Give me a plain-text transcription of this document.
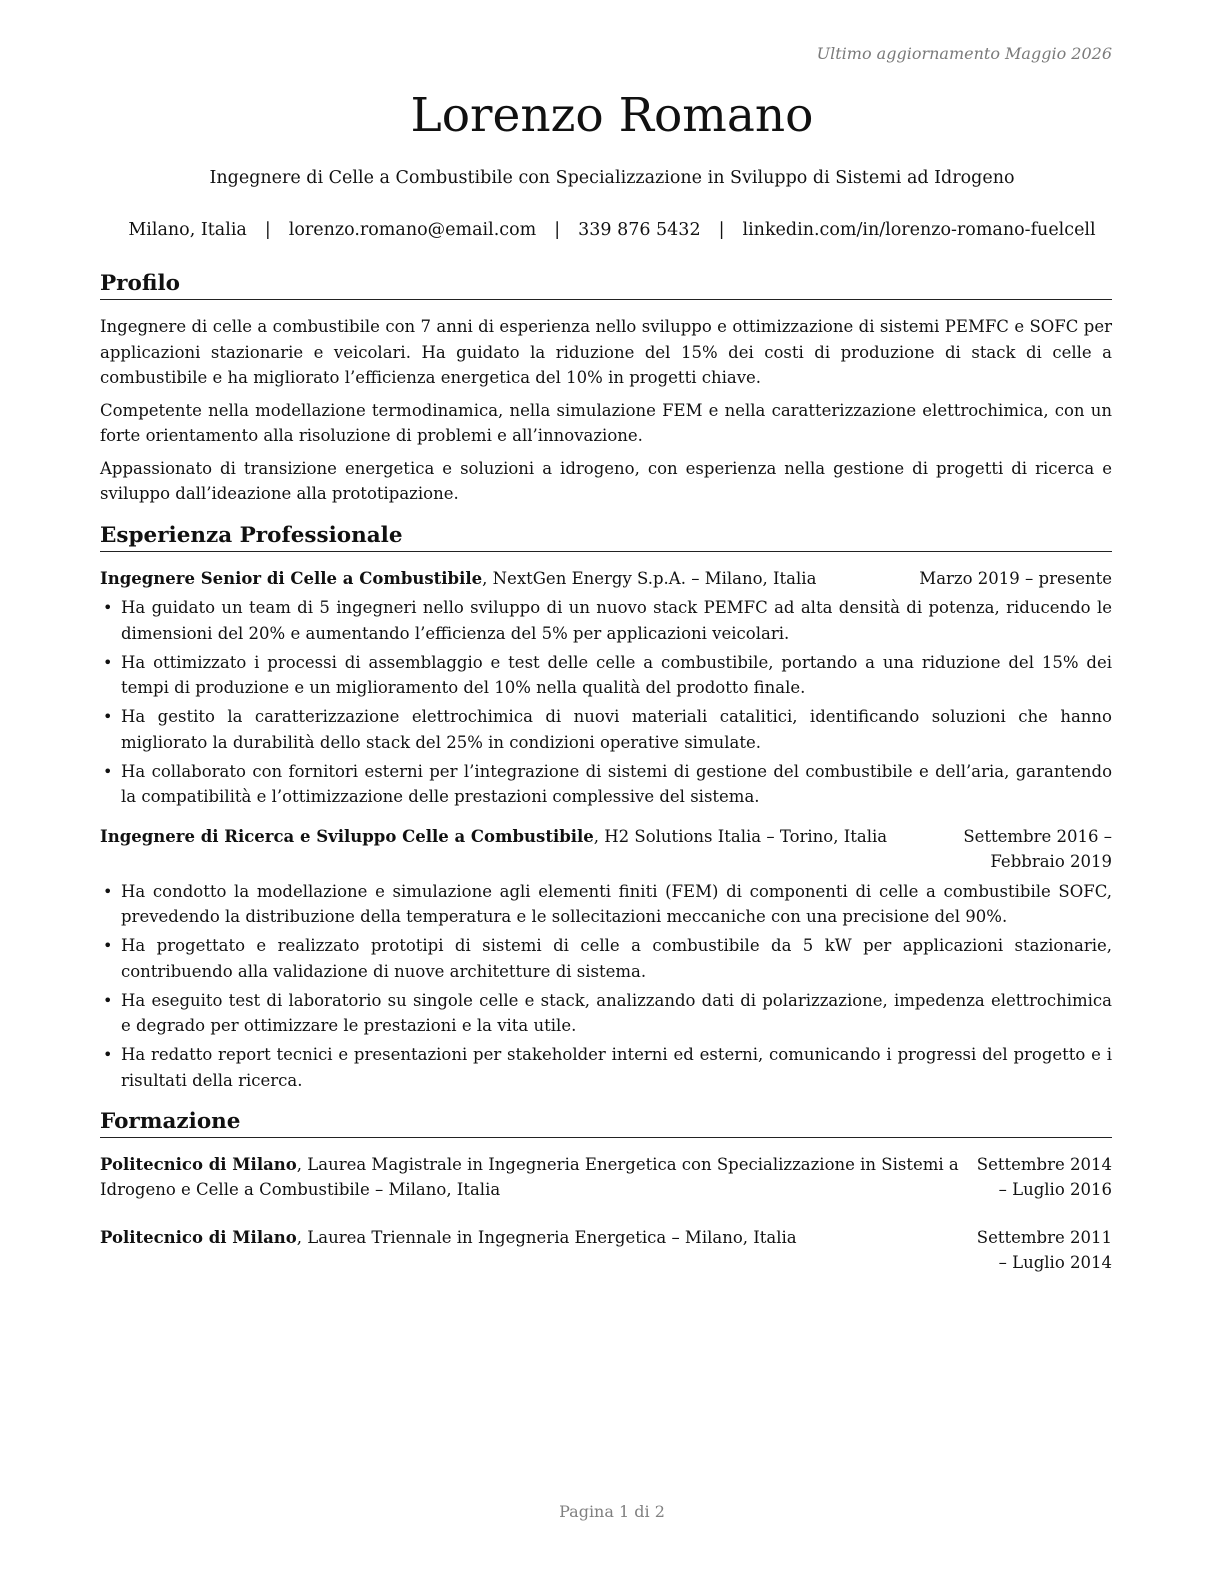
Ultimo aggiornamento Maggio 2026
Lorenzo Romano
Ingegnere di Celle a Combustibile con Specializzazione in Sviluppo di Sistemi ad Idrogeno
Milano, Italia | lorenzo.romano@email.com | 339 876 5432 | linkedin.com/in/lorenzo-romano-fuelcell
Profilo

Ingegnere di celle a combustibile con 7 anni di esperienza nello sviluppo e ottimizzazione di sistemi PEMFC e SOFC per applicazioni stazionarie e veicolari. Ha guidato la riduzione del 15% dei costi di produzione di stack di celle a combustibile e ha migliorato l’efficienza energetica del 10% in progetti chiave.

Competente nella modellazione termodinamica, nella simulazione FEM e nella caratterizzazione elettrochimica, con un forte orientamento alla risoluzione di problemi e all’innovazione.

Appassionato di transizione energetica e soluzioni a idrogeno, con esperienza nella gestione di progetti di ricerca e sviluppo dall’ideazione alla prototipazione.

Esperienza Professionale
Ingegnere Senior di Celle a Combustibile, NextGen Energy S.p.A. – Milano, Italia	Marzo 2019 – presente
• Ha guidato un team di 5 ingegneri nello sviluppo di un nuovo stack PEMFC ad alta densità di potenza, riducendo le dimensioni del 20% e aumentando l’efficienza del 5% per applicazioni veicolari.
• Ha ottimizzato i processi di assemblaggio e test delle celle a combustibile, portando a una riduzione del 15% dei tempi di produzione e un miglioramento del 10% nella qualità del prodotto finale.
• Ha gestito la caratterizzazione elettrochimica di nuovi materiali catalitici, identificando soluzioni che hanno migliorato la durabilità dello stack del 25% in condizioni operative simulate.
• Ha collaborato con fornitori esterni per l’integrazione di sistemi di gestione del combustibile e dell’aria, garantendo la compatibilità e l’ottimizzazione delle prestazioni complessive del sistema.
Ingegnere di Ricerca e Sviluppo Celle a Combustibile, H2 Solutions Italia – Torino, Italia	Settembre 2016 – Febbraio 2019
• Ha condotto la modellazione e simulazione agli elementi finiti (FEM) di componenti di celle a combustibile SOFC, prevedendo la distribuzione della temperatura e le sollecitazioni meccaniche con una precisione del 90%.
• Ha progettato e realizzato prototipi di sistemi di celle a combustibile da 5 kW per applicazioni stazionarie, contribuendo alla validazione di nuove architetture di sistema.
• Ha eseguito test di laboratorio su singole celle e stack, analizzando dati di polarizzazione, impedenza elettrochimica e degrado per ottimizzare le prestazioni e la vita utile.
• Ha redatto report tecnici e presentazioni per stakeholder interni ed esterni, comunicando i progressi del progetto e i risultati della ricerca.
Formazione
Politecnico di Milano, Laurea Magistrale in Ingegneria Energetica con Specializzazione in Sistemi a Idrogeno e Celle a Combustibile – Milano, Italia
Settembre 2014 – Luglio 2016
Politecnico di Milano, Laurea Triennale in Ingegneria Energetica – Milano, Italia	Settembre 2011 – Luglio 2014
Pagina 1 di 2
